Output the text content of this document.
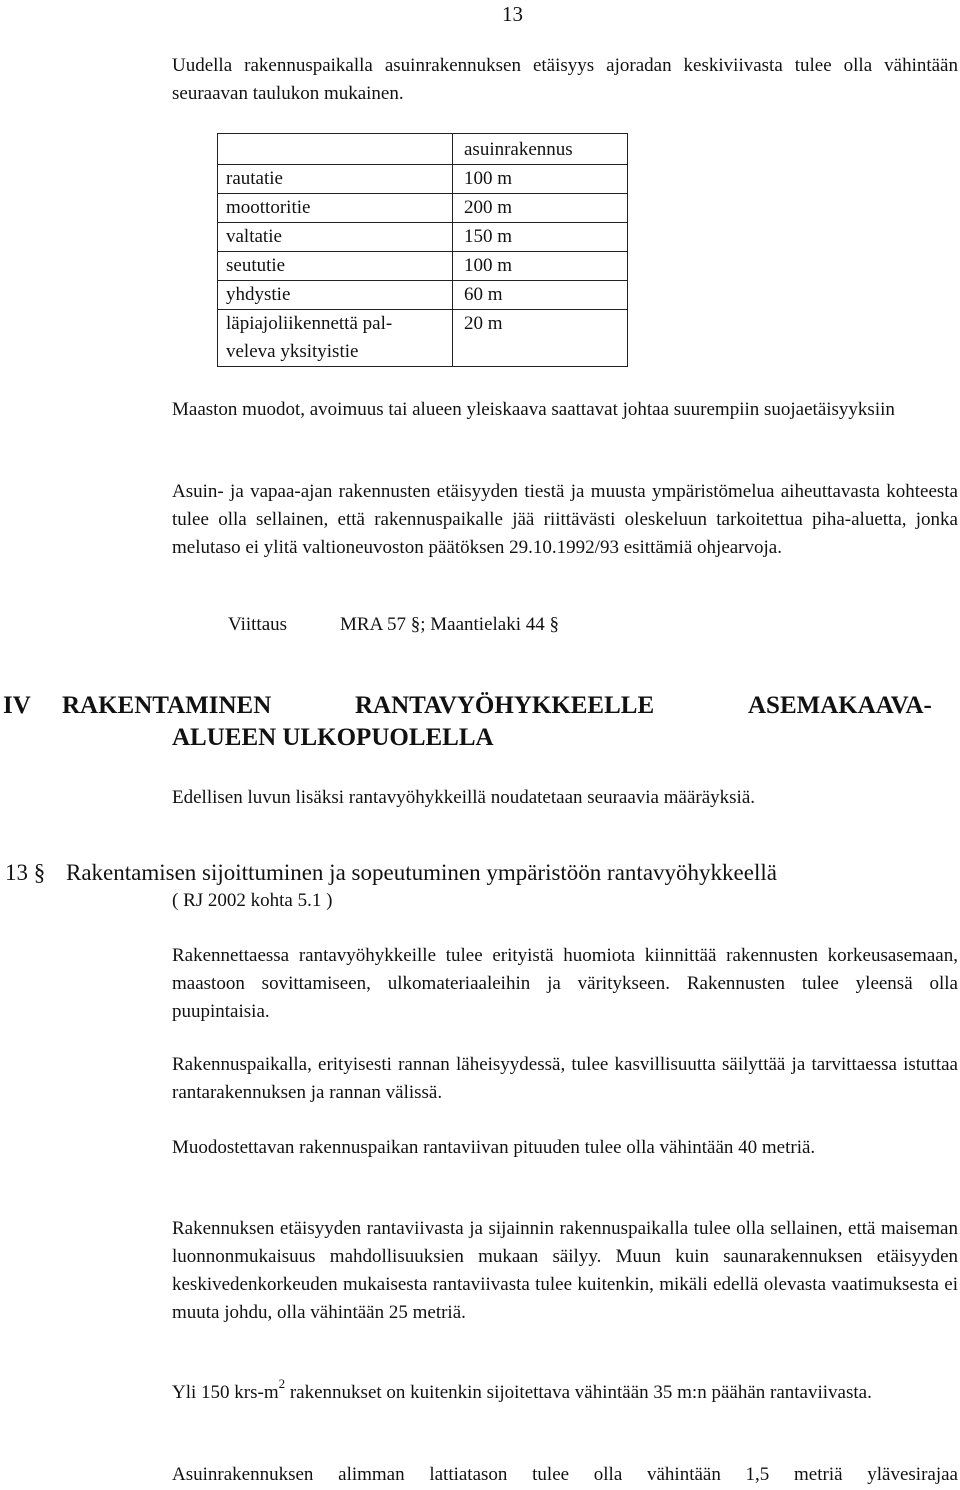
13
Uudella rakennuspaikalla asuinrakennuksen etäisyys ajoradan keskiviivasta tulee olla vähintään seuraavan taulukon mukainen.
	asuinrakennus

rautatie	100 m

moottoritie	200 m

valtatie	150 m

seututie	100 m

yhdystie	60 m

läpiajoliikennettä pal-
veleva yksityistie	20 m
Maaston muodot, avoimuus tai alueen yleiskaava saattavat johtaa suurempiin suojaetäisyyksiin
Asuin- ja vapaa-ajan rakennusten etäisyyden tiestä ja muusta ympäristömelua aiheuttavasta kohteesta tulee olla sellainen, että rakennuspaikalle jää riittävästi oleskeluun tarkoitettua piha-aluetta, jonka melutaso ei ylitä valtioneuvoston päätöksen 29.10.1992/93 esittämiä ohjearvoja.
Viittaus	MRA 57 §; Maantielaki 44 §
IV RAKENTAMINEN	RANTAVYÖHYKKEELLE	ASEMAKAAVA-
ALUEEN ULKOPUOLELLA
Edellisen luvun lisäksi rantavyöhykkeillä noudatetaan seuraavia määräyksiä.
13 § Rakentamisen sijoittuminen ja sopeutuminen ympäristöön rantavyöhykkeellä
( RJ 2002 kohta 5.1 )
Rakennettaessa rantavyöhykkeille tulee erityistä huomiota kiinnittää rakennusten korkeusasemaan, maastoon sovittamiseen, ulkomateriaaleihin ja väritykseen. Rakennusten tulee yleensä olla puupintaisia.
Rakennuspaikalla, erityisesti rannan läheisyydessä, tulee kasvillisuutta säilyttää ja tarvittaessa istuttaa rantarakennuksen ja rannan välissä.
Muodostettavan rakennuspaikan rantaviivan pituuden tulee olla vähintään 40 metriä.
Rakennuksen etäisyyden rantaviivasta ja sijainnin rakennuspaikalla tulee olla sellainen, että maiseman luonnonmukaisuus mahdollisuuksien mukaan säilyy. Muun kuin saunarakennuksen etäisyyden keskivedenkorkeuden mukaisesta rantaviivasta tulee kuitenkin, mikäli edellä olevasta vaatimuksesta ei muuta johdu, olla vähintään 25 metriä.
Yli 150 krs-$m^2$ rakennukset on kuitenkin sijoitettava vähintään 35 m:n päähän rantaviivasta.
Asuinrakennuksen alimman lattiatason tulee olla vähintään 1,5 metriä ylävesirajaa
